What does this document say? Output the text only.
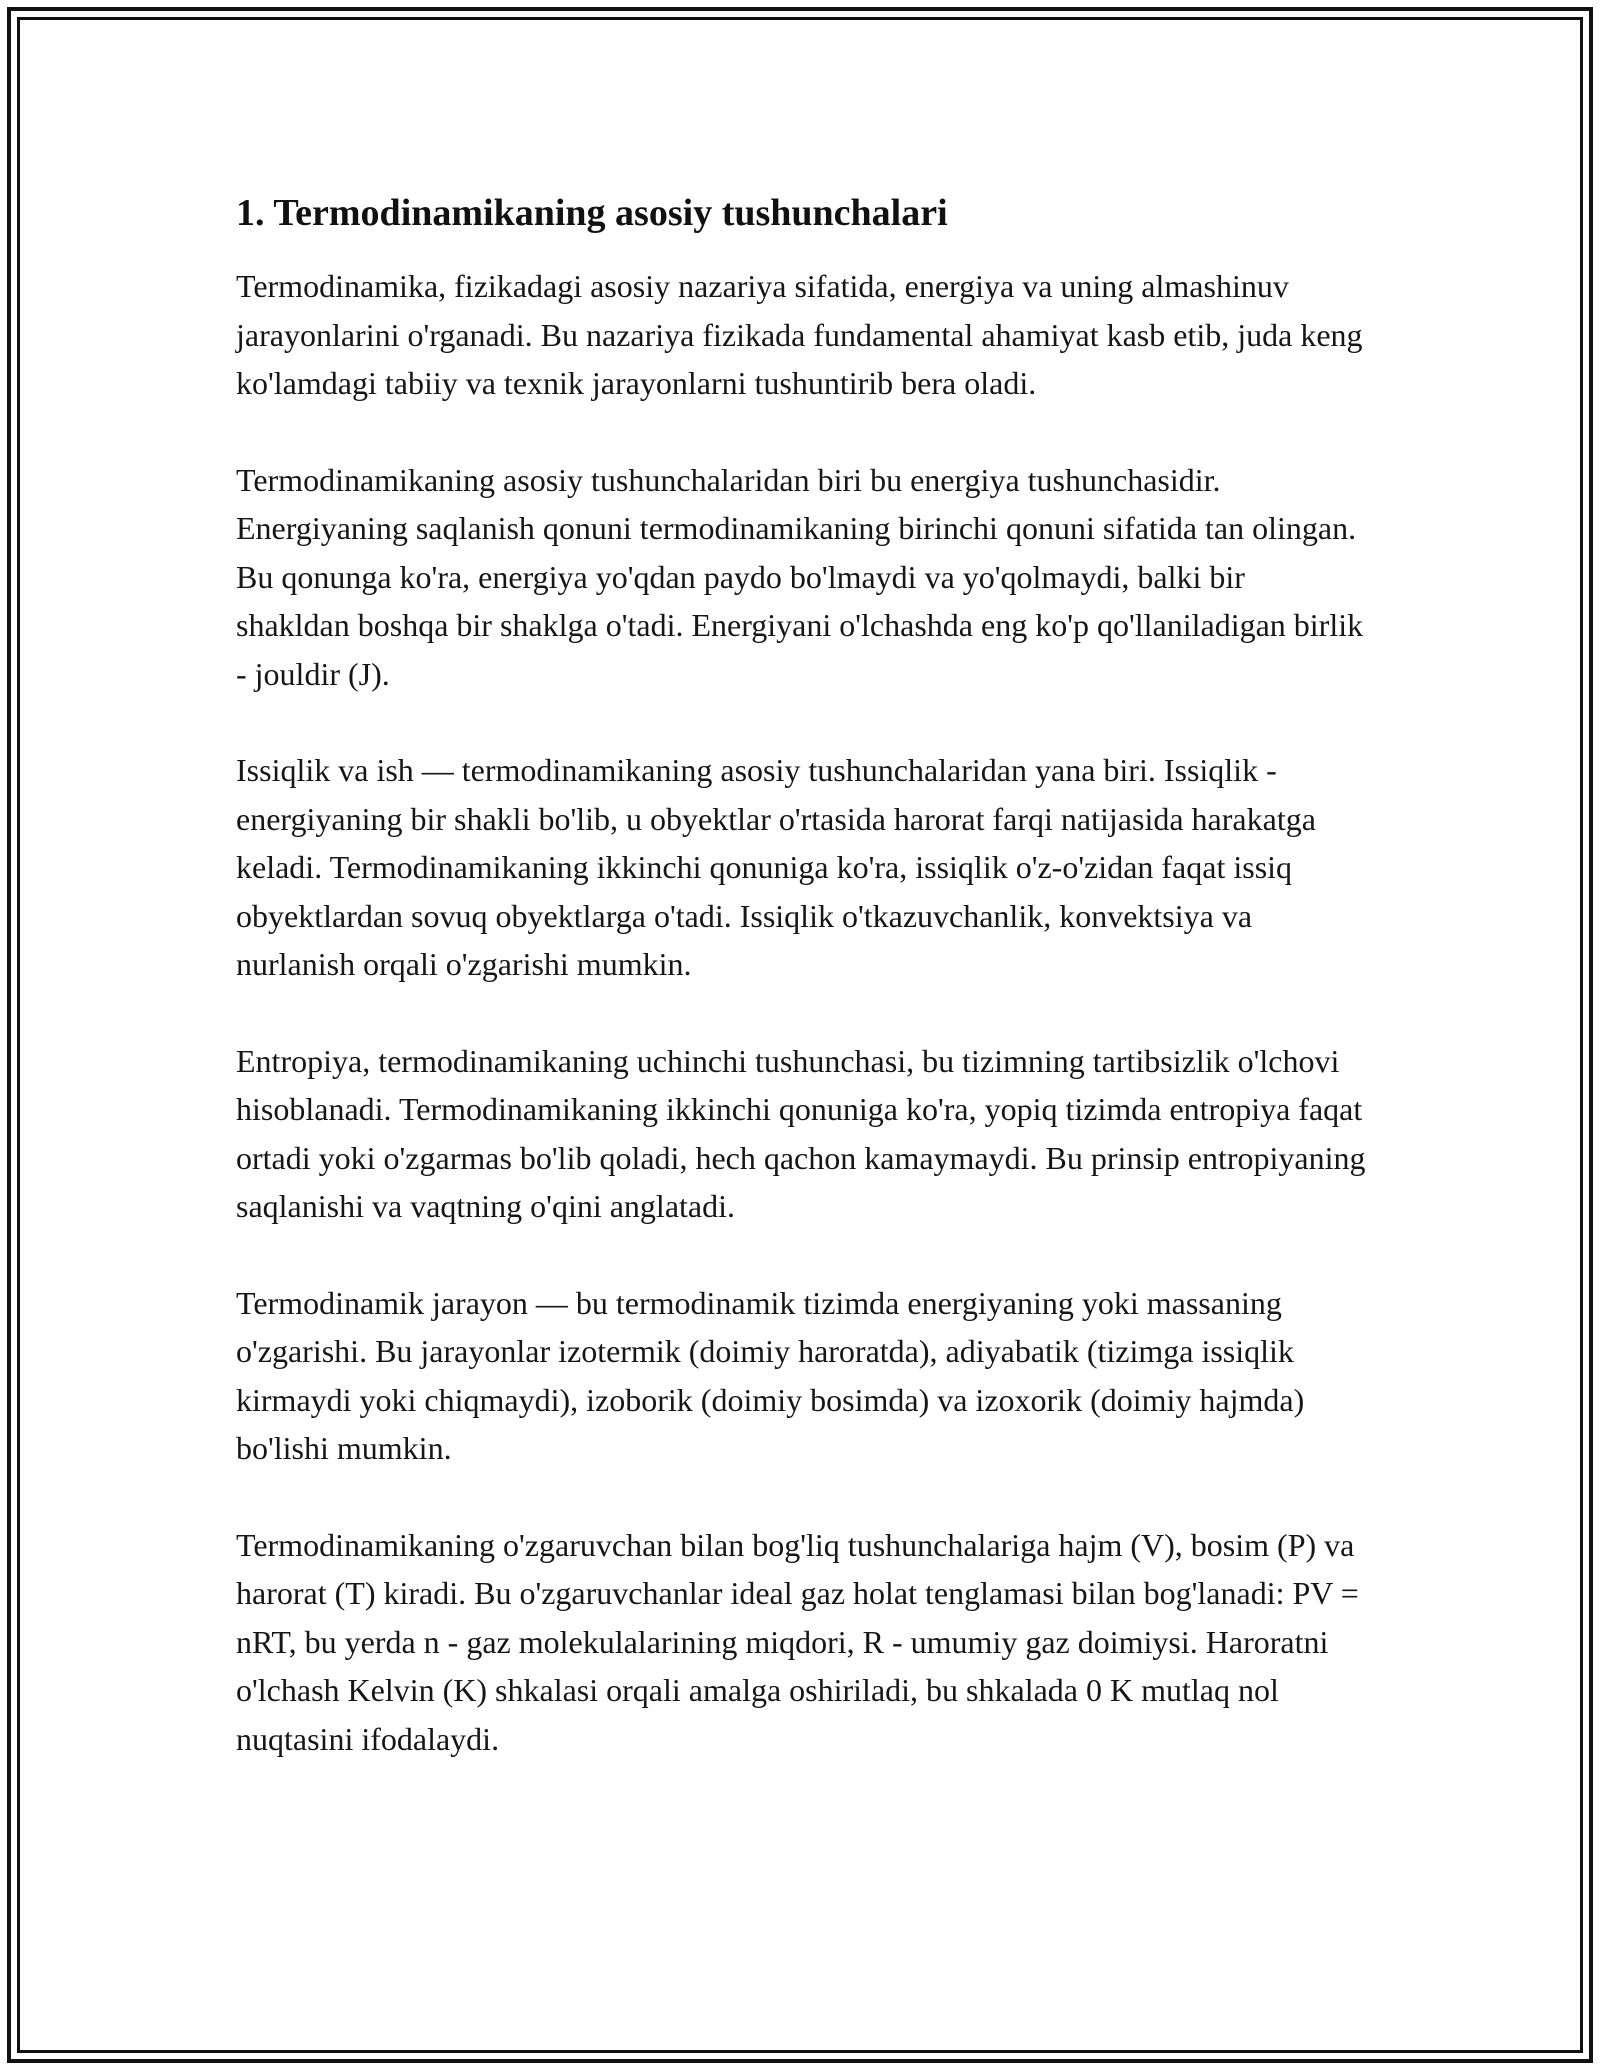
1. Termodinamikaning asosiy tushunchalari

Termodinamika, fizikadagi asosiy nazariya sifatida, energiya va uning almashinuv jarayonlarini o'rganadi. Bu nazariya fizikada fundamental ahamiyat kasb etib, juda keng ko'lamdagi tabiiy va texnik jarayonlarni tushuntirib bera oladi.

Termodinamikaning asosiy tushunchalaridan biri bu energiya tushunchasidir. Energiyaning saqlanish qonuni termodinamikaning birinchi qonuni sifatida tan olingan. Bu qonunga ko'ra, energiya yo'qdan paydo bo'lmaydi va yo'qolmaydi, balki bir shakldan boshqa bir shaklga o'tadi. Energiyani o'lchashda eng ko'p qo'llaniladigan birlik - jouldir (J).

Issiqlik va ish — termodinamikaning asosiy tushunchalaridan yana biri. Issiqlik - energiyaning bir shakli bo'lib, u obyektlar o'rtasida harorat farqi natijasida harakatga keladi. Termodinamikaning ikkinchi qonuniga ko'ra, issiqlik o'z-o'zidan faqat issiq obyektlardan sovuq obyektlarga o'tadi. Issiqlik o'tkazuvchanlik, konvektsiya va nurlanish orqali o'zgarishi mumkin.

Entropiya, termodinamikaning uchinchi tushunchasi, bu tizimning tartibsizlik o'lchovi hisoblanadi. Termodinamikaning ikkinchi qonuniga ko'ra, yopiq tizimda entropiya faqat ortadi yoki o'zgarmas bo'lib qoladi, hech qachon kamaymaydi. Bu prinsip entropiyaning saqlanishi va vaqtning o'qini anglatadi.

Termodinamik jarayon — bu termodinamik tizimda energiyaning yoki massaning o'zgarishi. Bu jarayonlar izotermik (doimiy haroratda), adiyabatik (tizimga issiqlik kirmaydi yoki chiqmaydi), izoborik (doimiy bosimda) va izoxorik (doimiy hajmda) bo'lishi mumkin.

Termodinamikaning o'zgaruvchan bilan bog'liq tushunchalariga hajm (V), bosim (P) va harorat (T) kiradi. Bu o'zgaruvchanlar ideal gaz holat tenglamasi bilan bog'lanadi: PV = nRT, bu yerda n - gaz molekulalarining miqdori, R - umumiy gaz doimiysi. Haroratni o'lchash Kelvin (K) shkalasi orqali amalga oshiriladi, bu shkalada 0 K mutlaq nol nuqtasini ifodalaydi.
